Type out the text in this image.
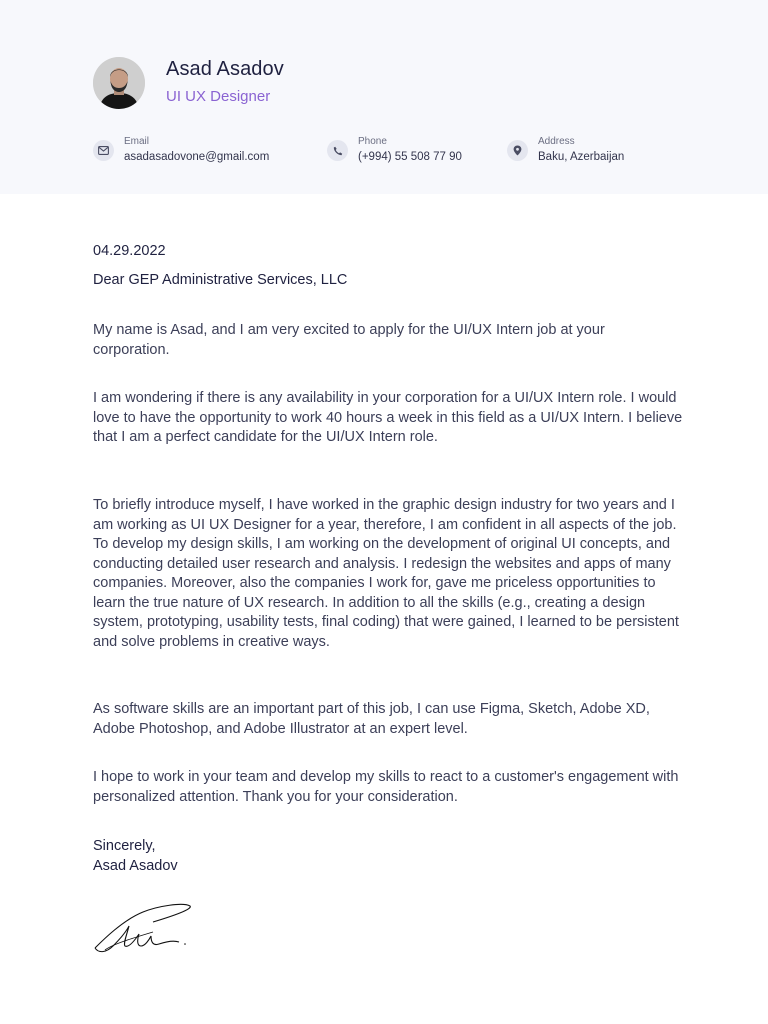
Asad Asadov
UI UX Designer
Email
asadasadovone@gmail.com
Phone
(+994) 55 508 77 90
Address
Baku, Azerbaijan
04.29.2022
Dear GEP Administrative Services, LLC

My name is Asad, and I am very excited to apply for the UI/UX Intern job at your corporation.

I am wondering if there is any availability in your corporation for a UI/UX Intern role. I would love to have the opportunity to work 40 hours a week in this field as a UI/UX Intern. I believe that I am a perfect candidate for the UI/UX Intern role.

To briefly introduce myself, I have worked in the graphic design industry for two years and I am working as UI UX Designer for a year, therefore, I am confident in all aspects of the job. To develop my design skills, I am working on the development of original UI concepts, and conducting detailed user research and analysis. I redesign the websites and apps of many companies. Moreover, also the companies I work for, gave me priceless opportunities to learn the true nature of UX research. In addition to all the skills (e.g., creating a design system, prototyping, usability tests, final coding) that were gained, I learned to be persistent and solve problems in creative ways.

As software skills are an important part of this job, I can use Figma, Sketch, Adobe XD, Adobe Photoshop, and Adobe Illustrator at an expert level.

I hope to work in your team and develop my skills to react to a customer's engagement with personalized attention. Thank you for your consideration.

Sincerely,
Asad Asadov
